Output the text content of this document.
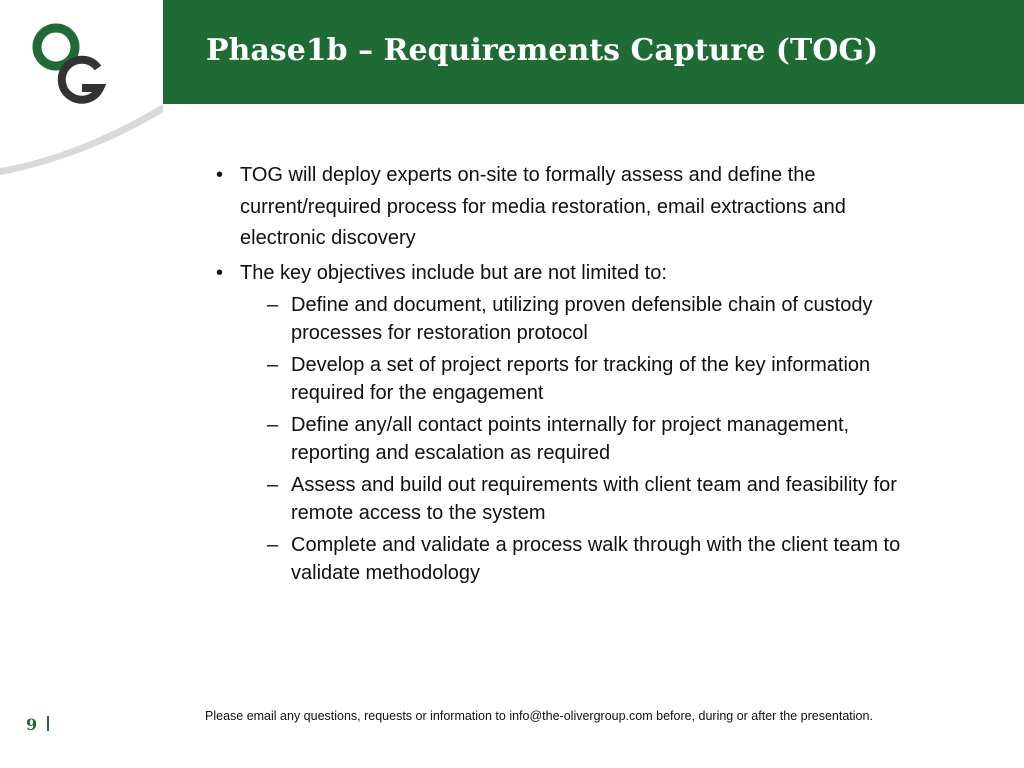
Phase1b – Requirements Capture (TOG)
• TOG will deploy experts on-site to formally assess and define the current/required process for media restoration, email extractions and electronic discovery
• The key objectives include but are not limited to:
– Define and document, utilizing proven defensible chain of custody processes for restoration protocol
– Develop a set of project reports for tracking of the key information required for the engagement
– Define any/all contact points internally for project management, reporting and escalation as required
– Assess and build out requirements with client team and feasibility for remote access to the system
– Complete and validate a process walk through with the client team to validate methodology
9	Please email any questions, requests or information to info@the-olivergroup.com before, during or after the presentation.
